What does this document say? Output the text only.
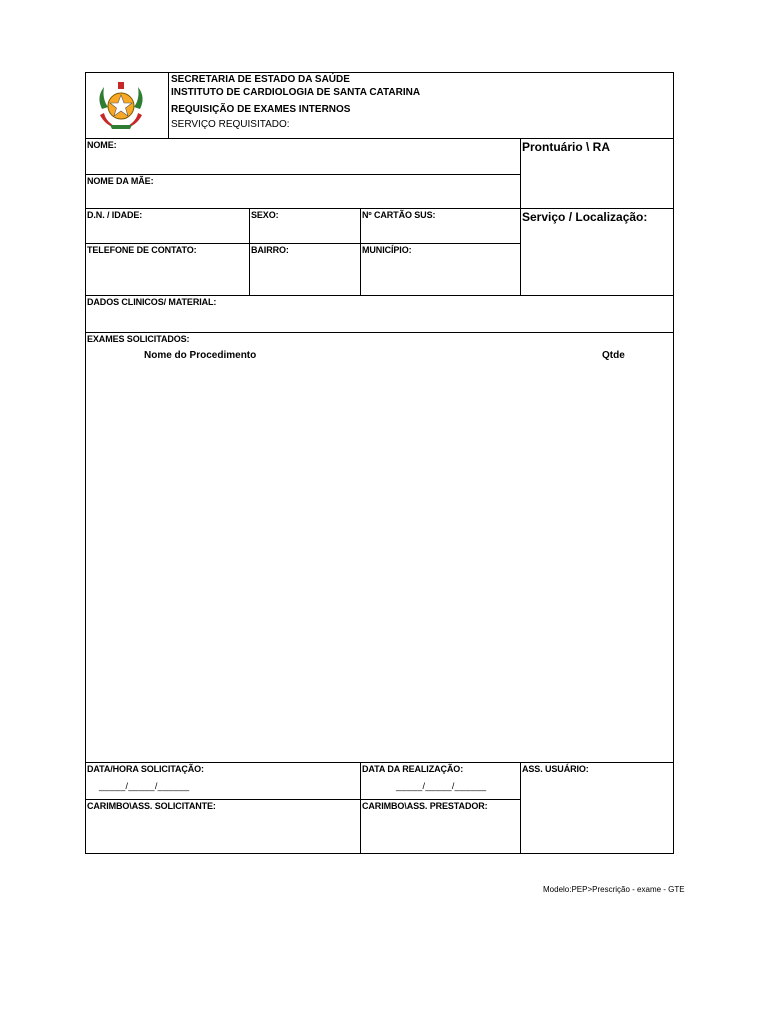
SECRETARIA DE ESTADO DA SAÚDE
INSTITUTO DE CARDIOLOGIA DE SANTA CATARINA
REQUISIÇÃO DE EXAMES INTERNOS
SERVIÇO REQUISITADO:
NOME:	Prontuário \ RA
NOME DA MÃE:
D.N. / IDADE:	SEXO:	Nº CARTÃO SUS:	Serviço / Localização:
TELEFONE DE CONTATO:	BAIRRO:	MUNICÍPIO:
DADOS CLINICOS/ MATERIAL:
EXAMES SOLICITADOS:
Nome do Procedimento	Qtde
DATA/HORA SOLICITAÇÃO:	DATA DA REALIZAÇÃO:	ASS. USUÁRIO:
_____/_____/______	_____/_____/______
CARIMBO\ASS. SOLICITANTE:	CARIMBO\ASS. PRESTADOR:
Modelo:PEP>Prescrição - exame - GTE
